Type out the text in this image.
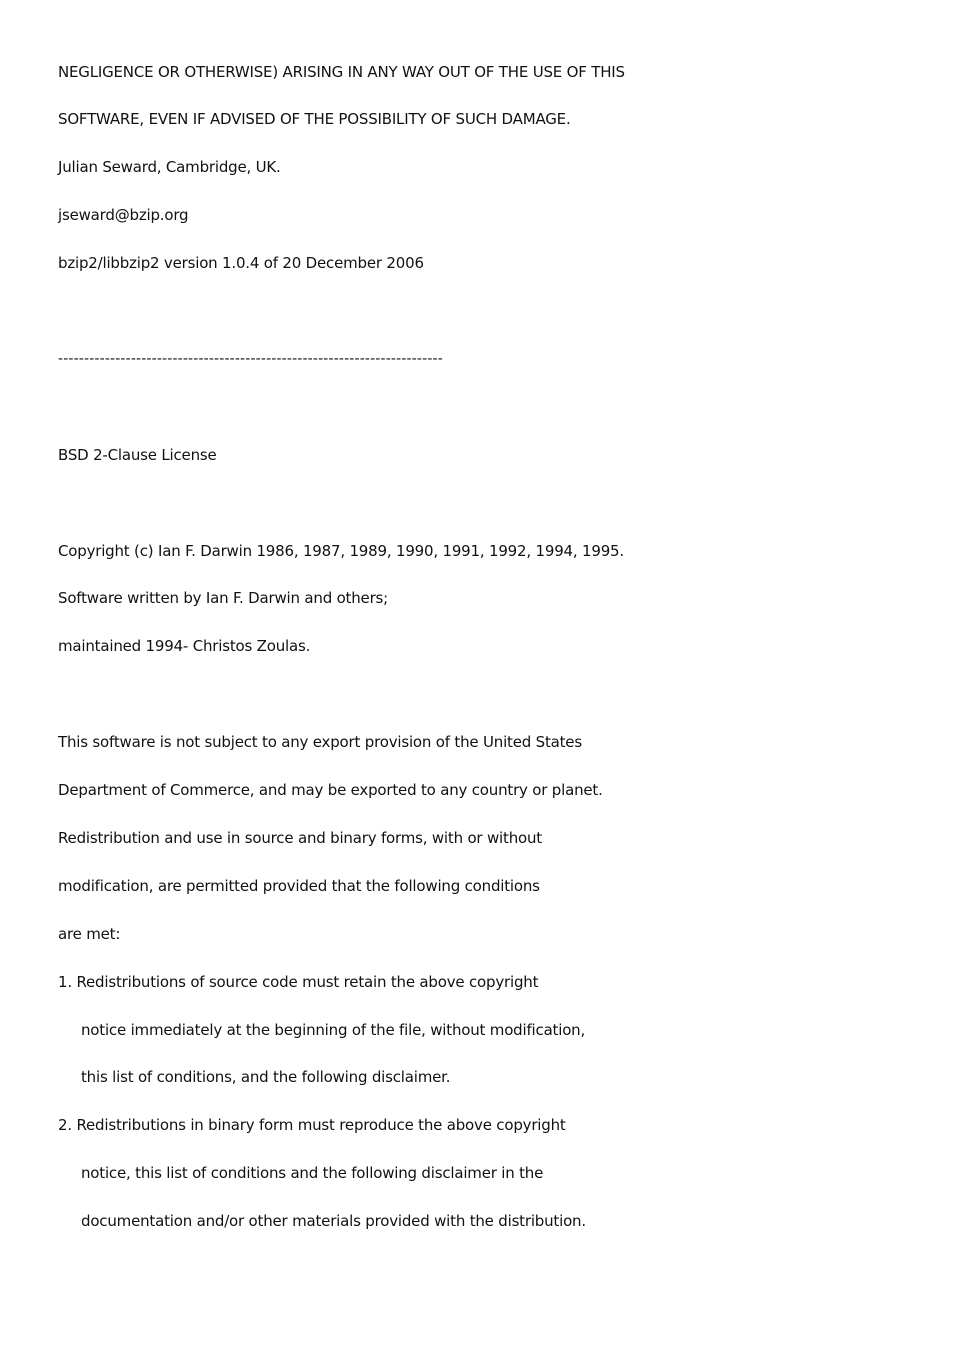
NEGLIGENCE OR OTHERWISE) ARISING IN ANY WAY OUT OF THE USE OF THIS
SOFTWARE, EVEN IF ADVISED OF THE POSSIBILITY OF SUCH DAMAGE.
Julian Seward, Cambridge, UK.
jseward@bzip.org
bzip2/libbzip2 version 1.0.4 of 20 December 2006
--------------------------------------------------------------------------
BSD 2-Clause License
Copyright (c) Ian F. Darwin 1986, 1987, 1989, 1990, 1991, 1992, 1994, 1995.
Software written by Ian F. Darwin and others;
maintained 1994- Christos Zoulas.
This software is not subject to any export provision of the United States
Department of Commerce, and may be exported to any country or planet.
Redistribution and use in source and binary forms, with or without
modification, are permitted provided that the following conditions
are met:
1. Redistributions of source code must retain the above copyright
notice immediately at the beginning of the file, without modification,
this list of conditions, and the following disclaimer.
2. Redistributions in binary form must reproduce the above copyright
notice, this list of conditions and the following disclaimer in the
documentation and/or other materials provided with the distribution.
